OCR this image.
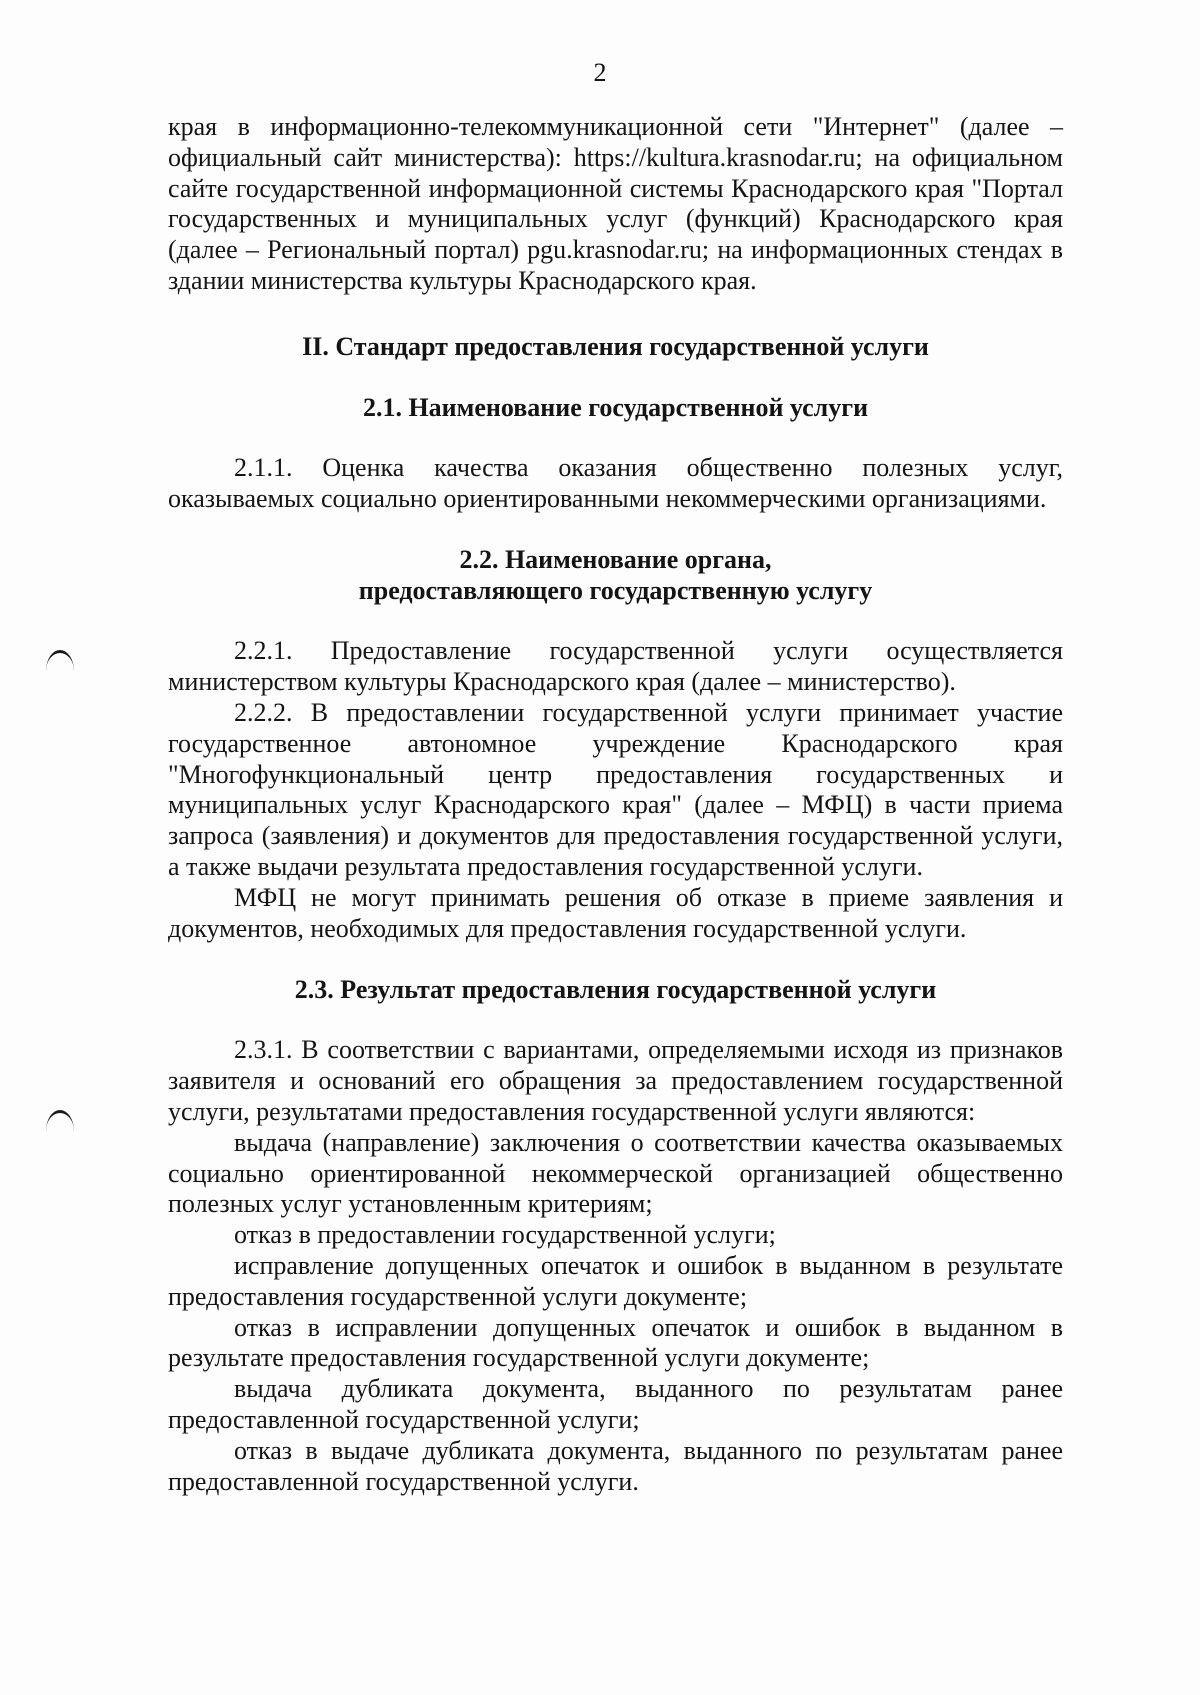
2

края в информационно-телекоммуникационной сети "Интернет" (далее – официальный сайт министерства): https://kultura.krasnodar.ru; на официальном сайте государственной информационной системы Краснодарского края "Портал государственных и муниципальных услуг (функций) Краснодарского края (далее – Региональный портал) pgu.krasnodar.ru; на информационных стендах в здании министерства культуры Краснодарского края.

II. Стандарт предоставления государственной услуги
2.1. Наименование государственной услуги

2.1.1. Оценка качества оказания общественно полезных услуг, оказываемых социально ориентированными некоммерческими организациями.

2.2. Наименование органа, предоставляющего государственную услугу

2.2.1. Предоставление государственной услуги осуществляется министерством культуры Краснодарского края (далее – министерство).

2.2.2. В предоставлении государственной услуги принимает участие государственное автономное учреждение Краснодарского края "Многофункциональный центр предоставления государственных и муниципальных услуг Краснодарского края" (далее – МФЦ) в части приема запроса (заявления) и документов для предоставления государственной услуги, а также выдачи результата предоставления государственной услуги.

МФЦ не могут принимать решения об отказе в приеме заявления и документов, необходимых для предоставления государственной услуги.

2.3. Результат предоставления государственной услуги

2.3.1. В соответствии с вариантами, определяемыми исходя из признаков заявителя и оснований его обращения за предоставлением государственной услуги, результатами предоставления государственной услуги являются:

выдача (направление) заключения о соответствии качества оказываемых социально ориентированной некоммерческой организацией общественно полезных услуг установленным критериям;

отказ в предоставлении государственной услуги;

исправление допущенных опечаток и ошибок в выданном в результате предоставления государственной услуги документе;

отказ в исправлении допущенных опечаток и ошибок в выданном в результате предоставления государственной услуги документе;

выдача дубликата документа, выданного по результатам ранее предоставленной государственной услуги;

отказ в выдаче дубликата документа, выданного по результатам ранее предоставленной государственной услуги.
